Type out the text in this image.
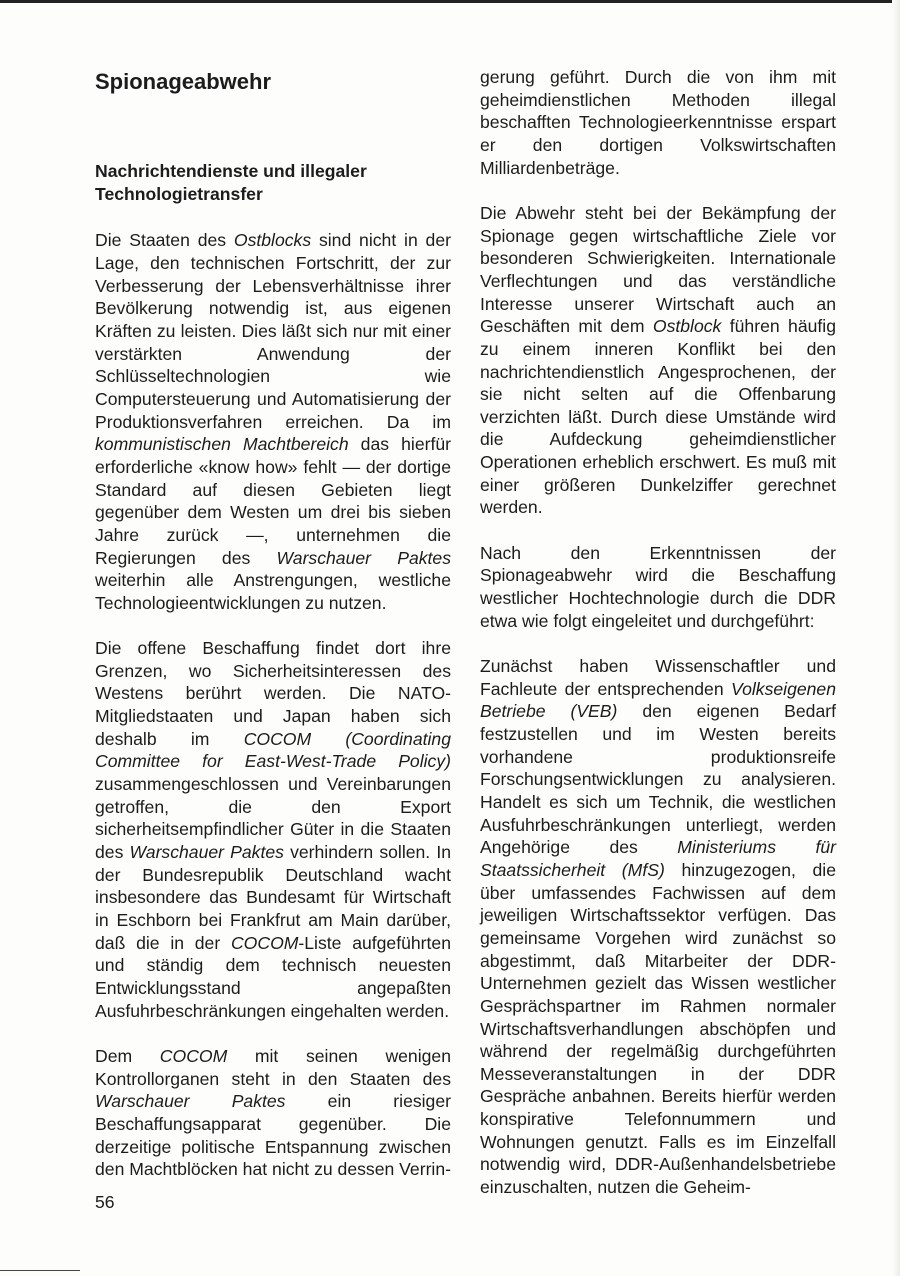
Spionageabwehr
Nachrichtendienste und illegaler
Technologietransfer

Die Staaten des Ostblocks sind nicht in der Lage, den technischen Fortschritt, der zur Verbesserung der Lebensverhältnisse ihrer Bevölkerung notwendig ist, aus eigenen Kräften zu leisten. Dies läßt sich nur mit einer verstärkten Anwendung der Schlüsseltechnologien wie Computersteuerung und Automatisierung der Produktionsverfahren erreichen. Da im kommunistischen Machtbereich das hierfür erforderliche «know how» fehlt — der dortige Standard auf diesen Gebieten liegt gegenüber dem Westen um drei bis sieben Jahre zurück —, unternehmen die Regierungen des Warschauer Paktes weiterhin alle Anstrengungen, westliche Technologieentwicklungen zu nutzen.

Die offene Beschaffung findet dort ihre Grenzen, wo Sicherheitsinteressen des Westens berührt werden. Die NATO-Mitgliedstaaten und Japan haben sich deshalb im COCOM (Coordinating Committee for East-West-Trade Policy) zusammengeschlossen und Vereinbarungen getroffen, die den Export sicherheitsempfindlicher Güter in die Staaten des Warschauer Paktes verhindern sollen. In der Bundesrepublik Deutschland wacht insbesondere das Bundesamt für Wirtschaft in Eschborn bei Frankfrut am Main darüber, daß die in der COCOM-Liste aufgeführten und ständig dem technisch neuesten Entwicklungsstand angepaßten Ausfuhrbeschränkungen eingehalten werden.

Dem COCOM mit seinen wenigen Kontrollorganen steht in den Staaten des Warschauer Paktes ein riesiger Beschaffungsapparat gegenüber. Die derzeitige politische Entspannung zwischen den Machtblöcken hat nicht zu dessen Verrin-

gerung geführt. Durch die von ihm mit geheimdienstlichen Methoden illegal beschafften Technologieerkenntnisse erspart er den dortigen Volkswirtschaften Milliardenbeträge.

Die Abwehr steht bei der Bekämpfung der Spionage gegen wirtschaftliche Ziele vor besonderen Schwierigkeiten. Internationale Verflechtungen und das verständliche Interesse unserer Wirtschaft auch an Geschäften mit dem Ostblock führen häufig zu einem inneren Konflikt bei den nachrichtendienstlich Angesprochenen, der sie nicht selten auf die Offenbarung verzichten läßt. Durch diese Umstände wird die Aufdeckung geheimdienstlicher Operationen erheblich erschwert. Es muß mit einer größeren Dunkelziffer gerechnet werden.

Nach den Erkenntnissen der Spionageabwehr wird die Beschaffung westlicher Hochtechnologie durch die DDR etwa wie folgt eingeleitet und durchgeführt:

Zunächst haben Wissenschaftler und Fachleute der entsprechenden Volkseigenen Betriebe (VEB) den eigenen Bedarf festzustellen und im Westen bereits vorhandene produktionsreife Forschungsentwicklungen zu analysieren. Handelt es sich um Technik, die westlichen Ausfuhrbeschränkungen unterliegt, werden Angehörige des Ministeriums für Staatssicherheit (MfS) hinzugezogen, die über umfassendes Fachwissen auf dem jeweiligen Wirtschaftssektor verfügen. Das gemeinsame Vorgehen wird zunächst so abgestimmt, daß Mitarbeiter der DDR-Unternehmen gezielt das Wissen westlicher Gesprächspartner im Rahmen normaler Wirtschaftsverhandlungen abschöpfen und während der regelmäßig durchgeführten Messeveranstaltungen in der DDR Gespräche anbahnen. Bereits hierfür werden konspirative Telefonnummern und Wohnungen genutzt. Falls es im Einzelfall notwendig wird, DDR-Außenhandelsbetriebe einzuschalten, nutzen die Geheim-

56
